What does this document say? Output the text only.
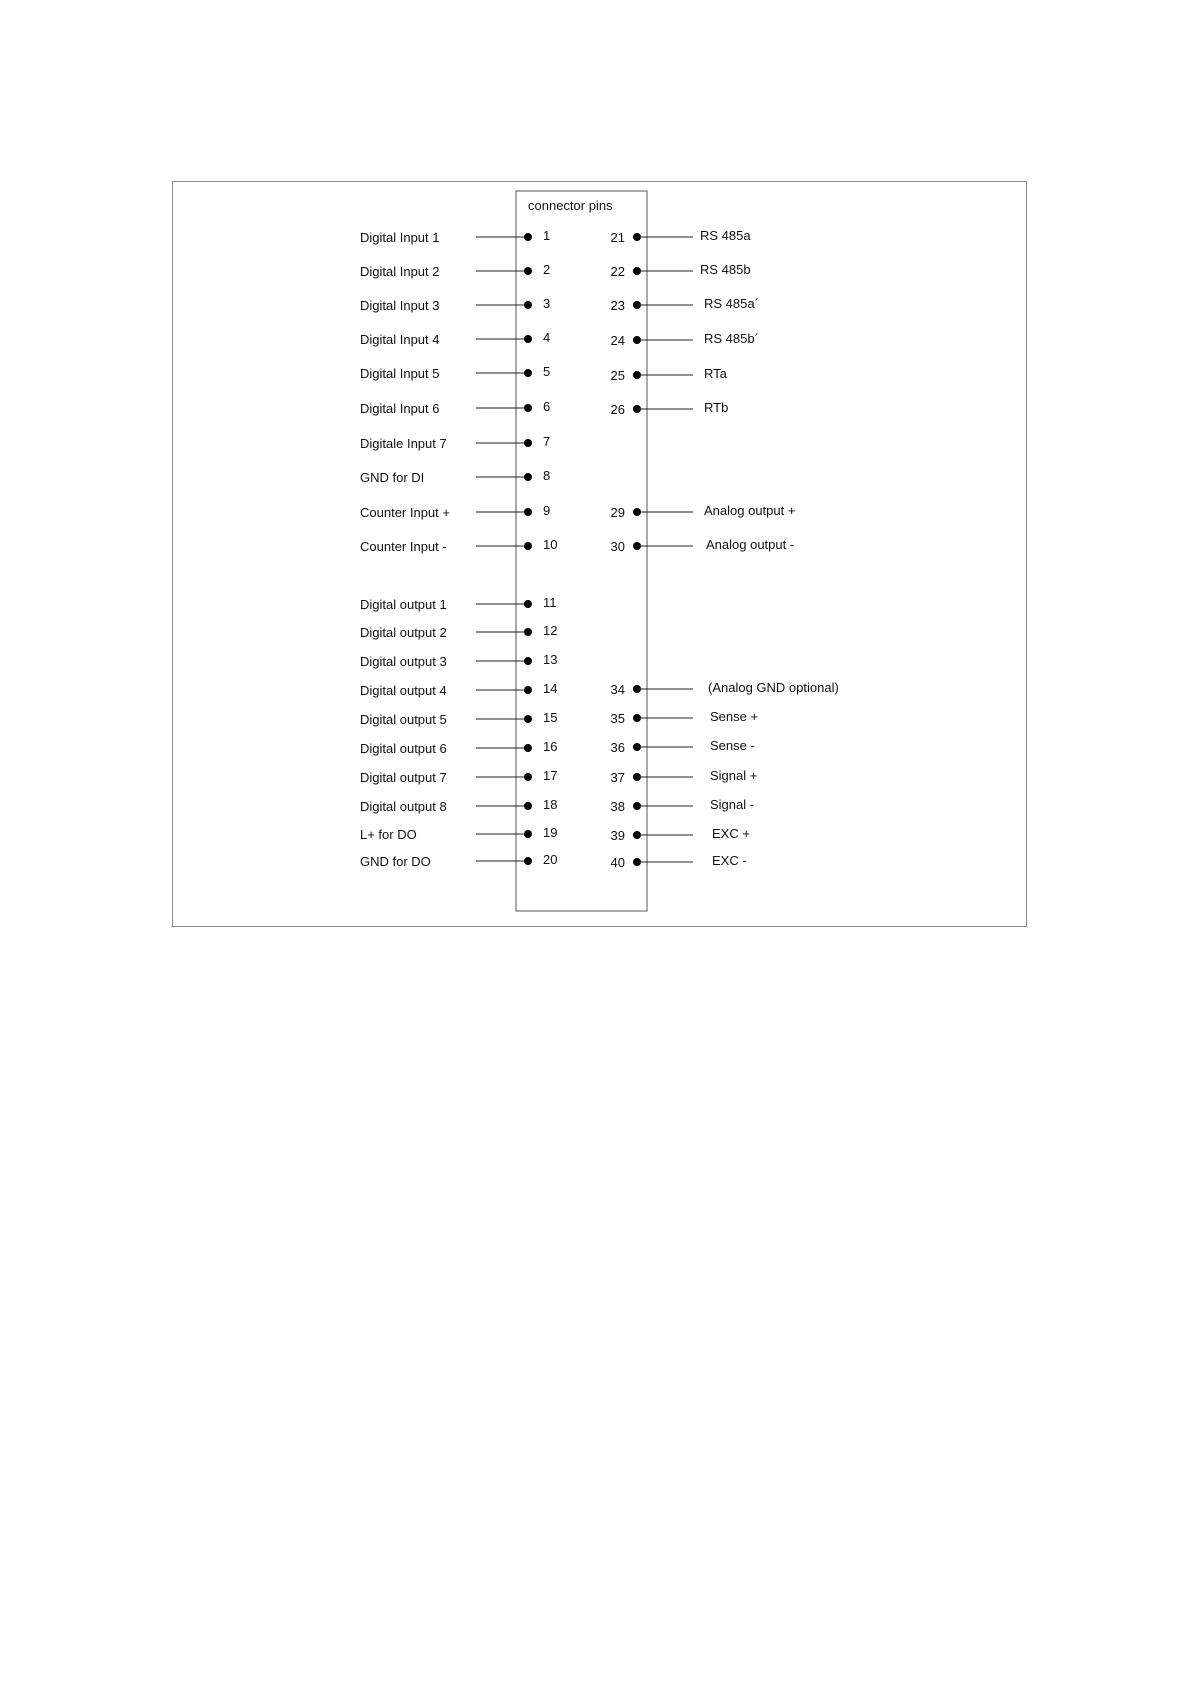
connector pins
Digital Input 1	1
Digital Input 2	2
Digital Input 3	3
Digital Input 4	4
Digital Input 5	5
Digital Input 6	6
Digitale Input 7	7
GND for DI	8
Counter Input +	9
Counter Input -	10
Digital output 1	11
Digital output 2	12
Digital output 3	13
Digital output 4	14
Digital output 5	15
Digital output 6	16
Digital output 7	17
Digital output 8	18
L+ for DO	19
GND for DO	20
21	RS 485a
22	RS 485b
23	RS 485a´
24	RS 485b´
25	RTa
26	RTb
29	Analog output +
30	Analog output -
34	(Analog GND optional)
35	Sense +
36	Sense -
37	Signal +
38	Signal -
39	EXC +
40	EXC -
